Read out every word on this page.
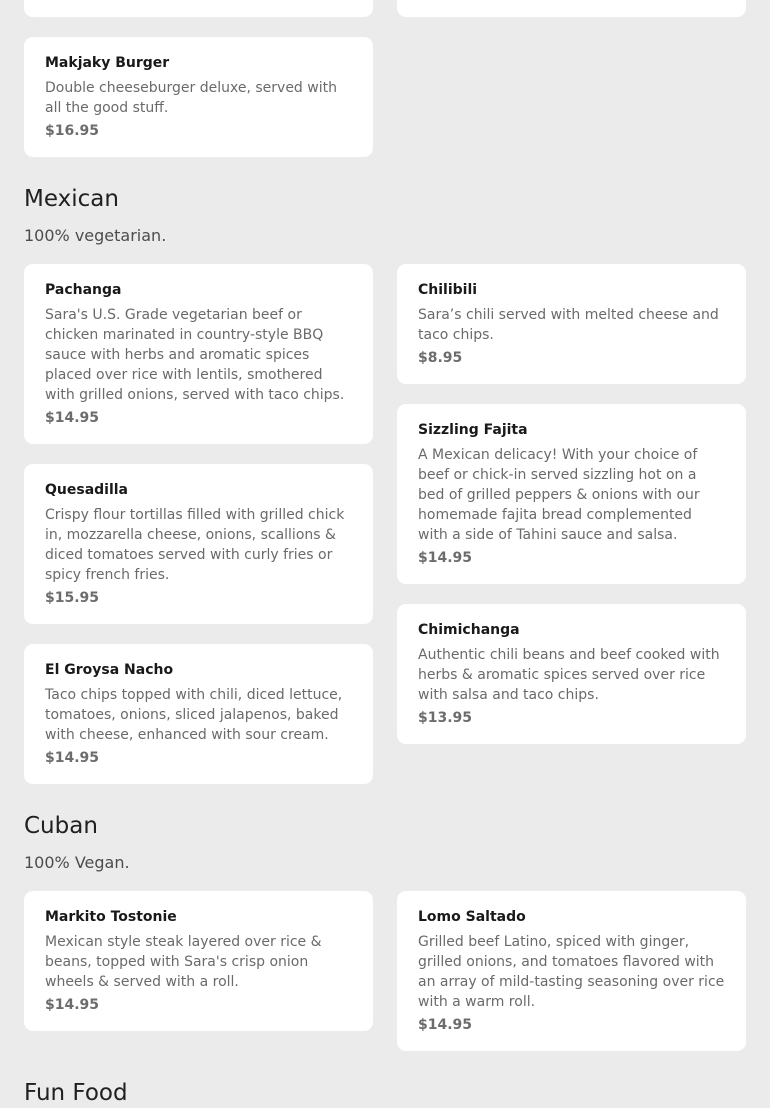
Makjaky Burger
Double cheeseburger deluxe, served with all the good stuff.
$16.95
Mexican
100% vegetarian.
Pachanga
Sara's U.S. Grade vegetarian beef or chicken marinated in country-style BBQ sauce with herbs and aromatic spices placed over rice with lentils, smothered with grilled onions, served with taco chips.
$14.95
Quesadilla
Crispy flour tortillas filled with grilled chick in, mozzarella cheese, onions, scallions & diced tomatoes served with curly fries or spicy french fries.
$15.95
El Groysa Nacho
Taco chips topped with chili, diced lettuce, tomatoes, onions, sliced jalapenos, baked with cheese, enhanced with sour cream.
$14.95
Chilibili
Sara’s chili served with melted cheese and taco chips.
$8.95
Sizzling Fajita
A Mexican delicacy! With your choice of beef or chick-in served sizzling hot on a bed of grilled peppers & onions with our homemade fajita bread complemented with a side of Tahini sauce and salsa.
$14.95
Chimichanga
Authentic chili beans and beef cooked with herbs & aromatic spices served over rice with salsa and taco chips.
$13.95
Cuban
100% Vegan.
Markito Tostonie
Mexican style steak layered over rice & beans, topped with Sara's crisp onion wheels & served with a roll.
$14.95
Lomo Saltado
Grilled beef Latino, spiced with ginger, grilled onions, and tomatoes flavored with an array of mild-tasting seasoning over rice with a warm roll.
$14.95
Fun Food
